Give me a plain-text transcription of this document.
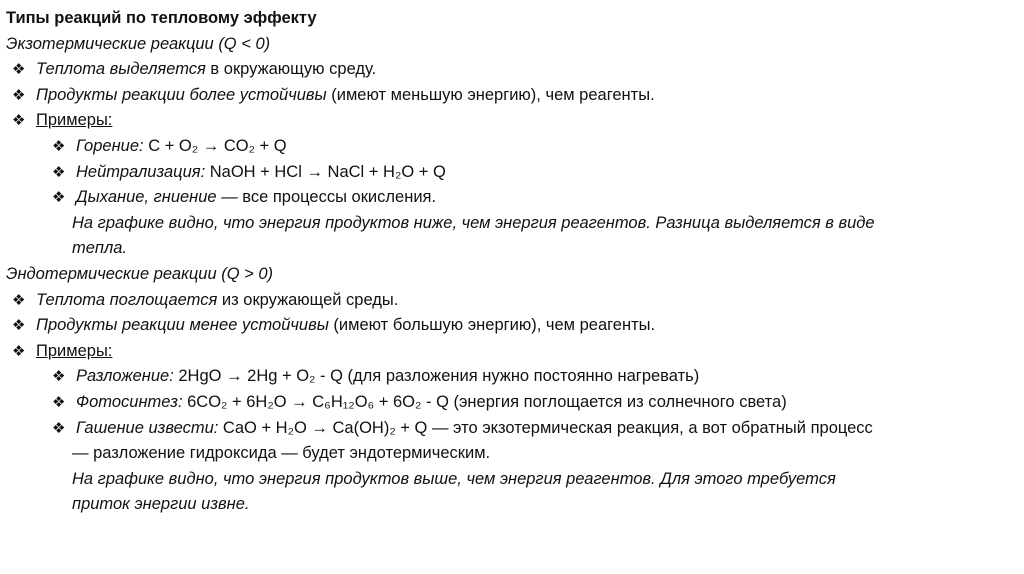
Типы реакций по тепловому эффекту
Экзотермические реакции (Q < 0)
❖ Теплота выделяется в окружающую среду.
❖ Продукты реакции более устойчивы (имеют меньшую энергию), чем реагенты.
❖ Примеры:
❖ Горение: C + O₂ → CO₂ + Q
❖ Нейтрализация: NaOH + HCl → NaCl + H₂O + Q
❖ Дыхание, гниение — все процессы окисления.
На графике видно, что энергия продуктов ниже, чем энергия реагентов. Разница выделяется в виде
тепла.
Эндотермические реакции (Q > 0)
❖ Теплота поглощается из окружающей среды.
❖ Продукты реакции менее устойчивы (имеют большую энергию), чем реагенты.
❖ Примеры:
❖ Разложение: 2HgO → 2Hg + O₂ - Q (для разложения нужно постоянно нагревать)
❖ Фотосинтез: 6CO₂ + 6H₂O → C₆H₁₂O₆ + 6O₂ - Q (энергия поглощается из солнечного света)
❖ Гашение извести: CaO + H₂O → Ca(OH)₂ + Q — это экзотермическая реакция, а вот обратный процесс
— разложение гидроксида — будет эндотермическим.
На графике видно, что энергия продуктов выше, чем энергия реагентов. Для этого требуется
приток энергии извне.
